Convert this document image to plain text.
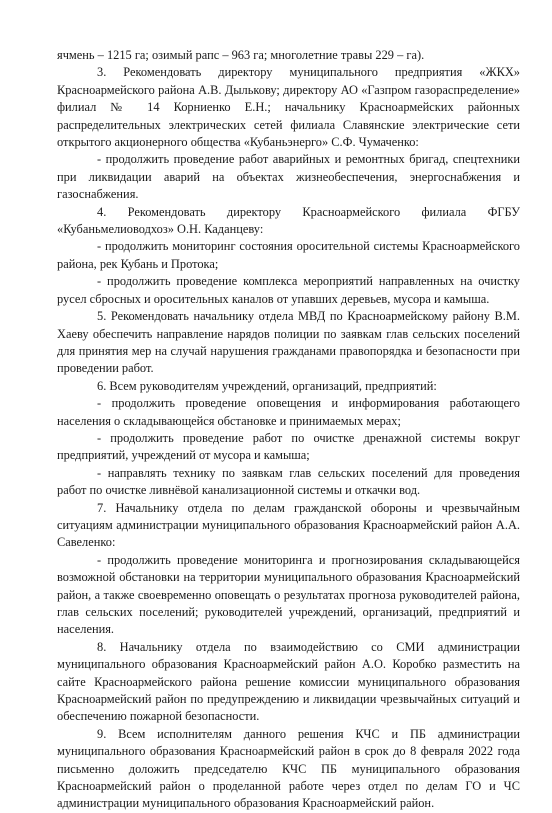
ячмень – 1215 га; озимый рапс – 963 га; многолетние травы 229 – га).

3. Рекомендовать директору муниципального предприятия «ЖКХ» Красноармейского района А.В. Дылькову; директору АО «Газпром газораспределение» филиал № 14 Корниенко Е.Н.; начальнику Красноармейских районных распределительных электрических сетей филиала Славянские электрические сети открытого акционерного общества «Кубаньэнерго» С.Ф. Чумаченко:

- продолжить проведение работ аварийных и ремонтных бригад, спецтехники при ликвидации аварий на объектах жизнеобеспечения, энергоснабжения и газоснабжения.

4. Рекомендовать директору Красноармейского филиала ФГБУ «Кубаньмелиоводхоз» О.Н. Каданцеву:

- продолжить мониторинг состояния оросительной системы Красноармейского района, рек Кубань и Протока;

- продолжить проведение комплекса мероприятий направленных на очистку русел сбросных и оросительных каналов от упавших деревьев, мусора и камыша.

5. Рекомендовать начальнику отдела МВД по Красноармейскому району В.М. Хаеву обеспечить направление нарядов полиции по заявкам глав сельских поселений для принятия мер на случай нарушения гражданами правопорядка и безопасности при проведении работ.

6. Всем руководителям учреждений, организаций, предприятий:

- продолжить проведение оповещения и информирования работающего населения о складывающейся обстановке и принимаемых мерах;

- продолжить проведение работ по очистке дренажной системы вокруг предприятий, учреждений от мусора и камыша;

- направлять технику по заявкам глав сельских поселений для проведения работ по очистке ливнёвой канализационной системы и откачки вод.

7. Начальнику отдела по делам гражданской обороны и чрезвычайным ситуациям администрации муниципального образования Красноармейский район А.А. Савеленко:

- продолжить проведение мониторинга и прогнозирования складывающейся возможной обстановки на территории муниципального образования Красноармейский район, а также своевременно оповещать о результатах прогноза руководителей района, глав сельских поселений; руководителей учреждений, организаций, предприятий и населения.

8. Начальнику отдела по взаимодействию со СМИ администрации муниципального образования Красноармейский район А.О. Коробко разместить на сайте Красноармейского района решение комиссии муниципального образования Красноармейский район по предупреждению и ликвидации чрезвычайных ситуаций и обеспечению пожарной безопасности.

9. Всем исполнителям данного решения КЧС и ПБ администрации муниципального образования Красноармейский район в срок до 8 февраля 2022 года письменно доложить председателю КЧС ПБ муниципального образования Красноармейский район о проделанной работе через отдел по делам ГО и ЧС администрации муниципального образования Красноармейский район.
